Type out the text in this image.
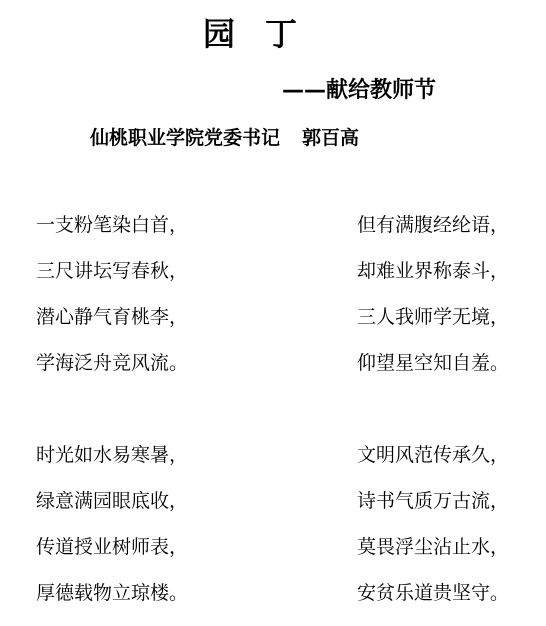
园丁
——献给教师节
仙桃职业学院党委书记 郭百高
一支粉笔染白首，	但有满腹经纶语，
三尺讲坛写春秋，	却难业界称泰斗，
潜心静气育桃李，	三人我师学无境，
学海泛舟竞风流。	仰望星空知自羞。
时光如水易寒暑，	文明风范传承久，
绿意满园眼底收，	诗书气质万古流，
传道授业树师表，	莫畏浮尘沾止水，
厚德载物立琼楼。	安贫乐道贵坚守。
